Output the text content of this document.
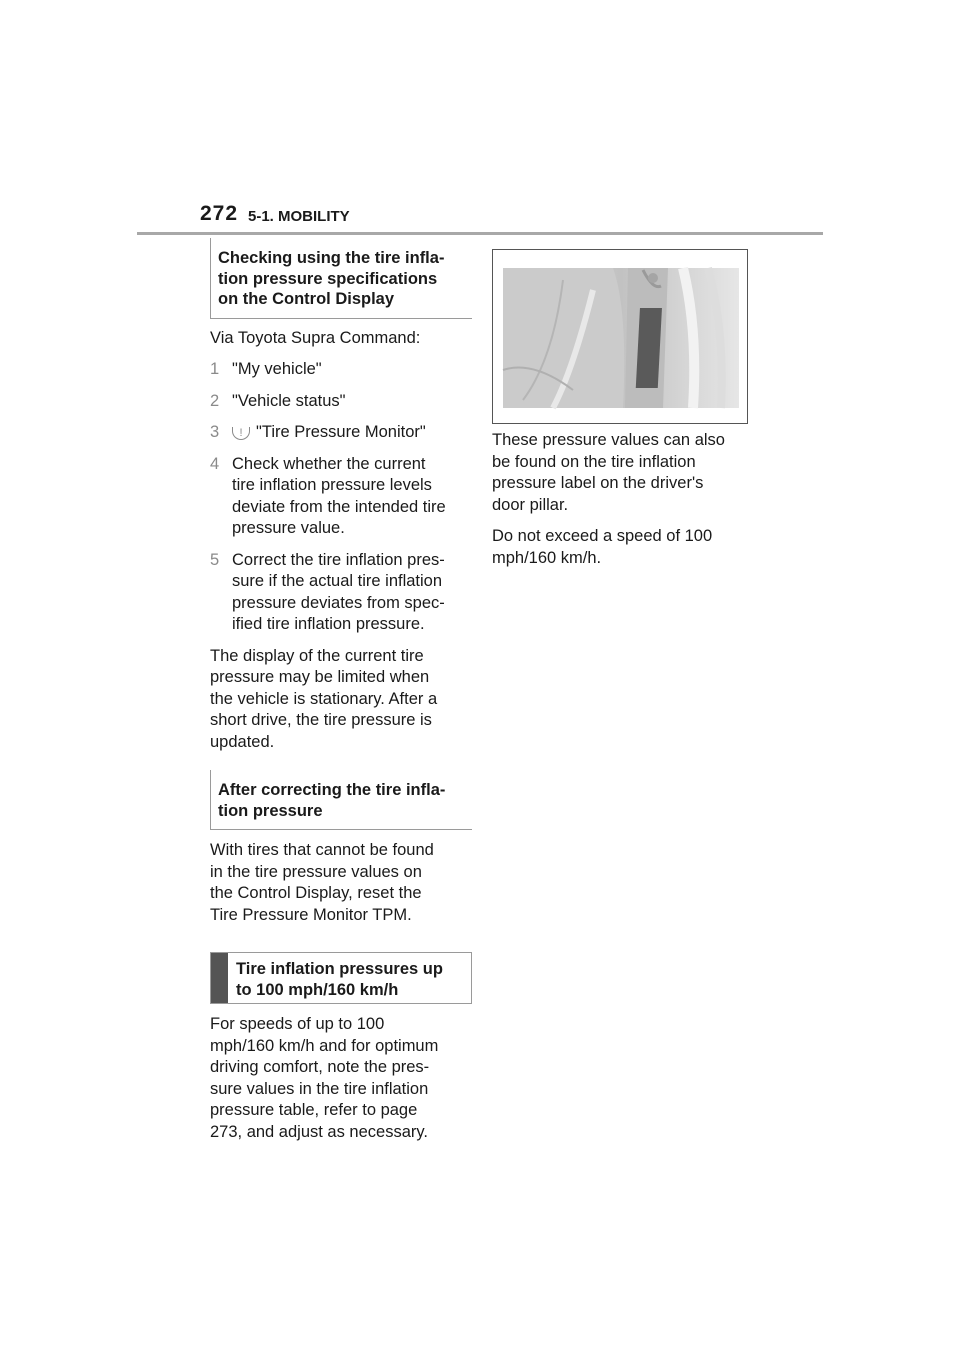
272 5-1. MOBILITY
Checking using the tire infla-
tion pressure specifications
on the Control Display

Via Toyota Supra Command:

1 "My vehicle"
2 "Vehicle status"
3	! "Tire Pressure Monitor"
4 Check whether the current
tire inflation pressure levels
deviate from the intended tire
pressure value.
5 Correct the tire inflation pres-
sure if the actual tire inflation
pressure deviates from spec-
ified tire inflation pressure.

The display of the current tire

pressure may be limited when

the vehicle is stationary. After a

short drive, the tire pressure is

updated.

After correcting the tire infla-
tion pressure

With tires that cannot be found

in the tire pressure values on

the Control Display, reset the

Tire Pressure Monitor TPM.

Tire inflation pressures up
to 100 mph/160 km/h

For speeds of up to 100

mph/160 km/h and for optimum

driving comfort, note the pres-

sure values in the tire inflation

pressure table, refer to page

273, and adjust as necessary.

These pressure values can also

be found on the tire inflation

pressure label on the driver's

door pillar.

Do not exceed a speed of 100

mph/160 km/h.
